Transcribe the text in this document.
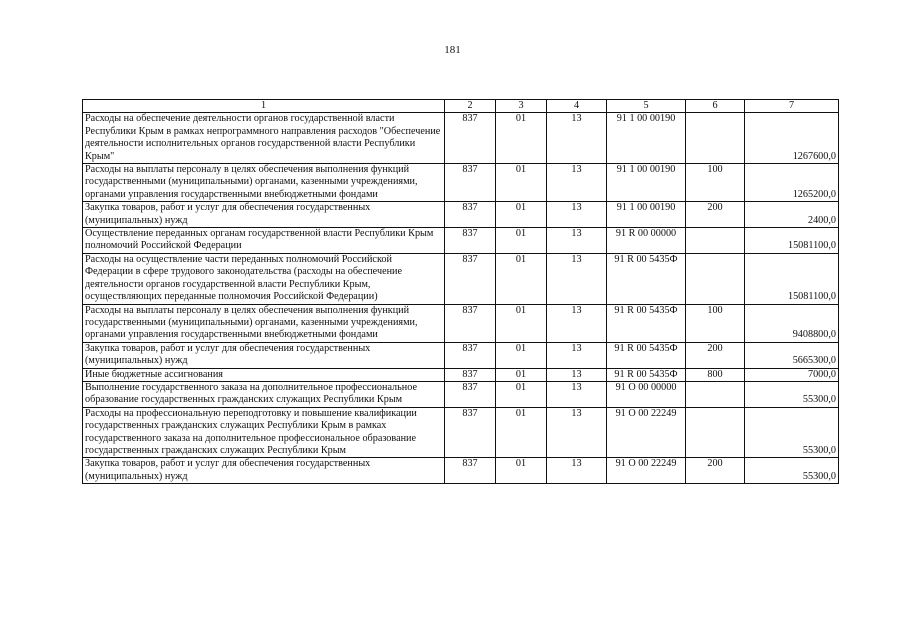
181
1	2	3	4	5	6	7
Расходы на обеспечение деятельности органов государственной власти Республики Крым в рамках непрограммного направления расходов "Обеспечение деятельности исполнительных органов государственной власти Республики Крым"	837	01	13	91 1 00 00190		1267600,0
Расходы на выплаты персоналу в целях обеспечения выполнения функций государственными (муниципальными) органами, казенными учреждениями, органами управления государственными внебюджетными фондами	837	01	13	91 1 00 00190	100	1265200,0
Закупка товаров, работ и услуг для обеспечения государственных (муниципальных) нужд	837	01	13	91 1 00 00190	200	2400,0
Осуществление переданных органам государственной власти Республики Крым полномочий Российской Федерации	837	01	13	91 R 00 00000		15081100,0
Расходы на осуществление части переданных полномочий Российской Федерации в сфере трудового законодательства (расходы на обеспечение деятельности органов государственной власти Республики Крым, осуществляющих переданные полномочия Российской Федерации)	837	01	13	91 R 00 5435Ф		15081100,0
Расходы на выплаты персоналу в целях обеспечения выполнения функций государственными (муниципальными) органами, казенными учреждениями, органами управления государственными внебюджетными фондами	837	01	13	91 R 00 5435Ф	100	9408800,0
Закупка товаров, работ и услуг для обеспечения государственных (муниципальных) нужд	837	01	13	91 R 00 5435Ф	200	5665300,0
Иные бюджетные ассигнования	837	01	13	91 R 00 5435Ф	800	7000,0
Выполнение государственного заказа на дополнительное профессиональное образование государственных гражданских служащих Республики Крым	837	01	13	91 О 00 00000		55300,0
Расходы на профессиональную переподготовку и повышение квалификации государственных гражданских служащих Республики Крым в рамках государственного заказа на дополнительное профессиональное образование государственных гражданских служащих Республики Крым	837	01	13	91 О 00 22249		55300,0
Закупка товаров, работ и услуг для обеспечения государственных (муниципальных) нужд	837	01	13	91 О 00 22249	200	55300,0
